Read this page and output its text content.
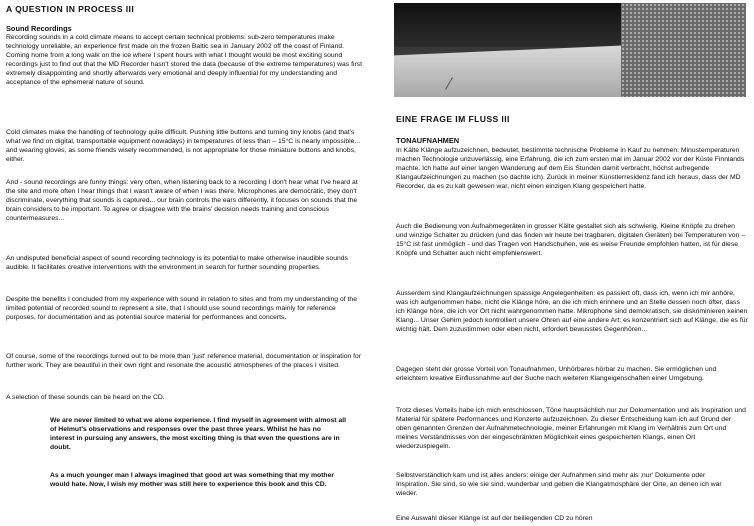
A QUESTION IN PROCESS III
Sound Recordings

Recording sounds in a cold climate means to accept certain technical problems: sub-zero temperatures make technology unreliable, an experience first made on the frozen Baltic sea in January 2002 off the coast of Finland. Coming home from a long walk on the ice where I spent hours with what I thought would be most exciting sound recordings just to find out that the MD Recorder hasn't stored the data (because of the extreme temperatures) was first extremely disappointing and shortly afterwards very emotional and deeply influential for my understanding and acceptance of the ephemeral nature of sound.

Cold climates make the handling of technology quite difficult. Pushing little buttons and turning tiny knobs (and that's what we find on digital, transportable equipment nowadays) in temperatures of less than – 15°C is nearly impossible... and wearing gloves, as some friends wisely recommended, is not appropriate for those miniature buttons and knobs, either.

And - sound recordings are funny things: very often, when listening back to a recording I don't hear what I've heard at the site and more often I hear things that I wasn't aware of when I was there. Microphones are democratic, they don't discriminate, everything that sounds is captured... our brain controls the ears differently, it focuses on sounds that the brain considers to be important. To agree or disagree with the brains' decision needs training and conscious countermeasures...

An undisputed beneficial aspect of sound recording technology is its potential to make otherwise inaudible sounds audible. It facilitates creative interventions with the environment in search for further sounding properties.

Despite the benefits I concluded from my experience with sound in relation to sites and from my understanding of the limited potential of recorded sound to represent a site, that I should use sound recordings mainly for reference purposes, for documentation and as potential source material for performances and concerts.

Of course, some of the recordings turned out to be more than 'just' reference material, documentation or inspiration for further work. They are beautiful in their own right and resonate the acoustic atmospheres of the places I visited.

A selection of these sounds can be heard on the CD.

We are never limited to what we alone experience. I find myself in agreement with almost all of Helmut's observations and responses over the past three years. Whilst he has no interest in pursuing any answers, the most exciting thing is that even the questions are in doubt.

As a much younger man I always imagined that good art was something that my mother would hate. Now, I wish my mother was still here to experience this book and this CD.

EINE FRAGE IM FLUSS III
TONAUFNAHMEN

In Kälte Klänge aufzuzeichnen, bedeutet, bestimmte technische Probleme in Kauf zu nehmen: Minustemperaturen machen Technologie unzuverlässig, eine Erfahrung, die ich zum ersten mal im Januar 2002 vor der Küste Finnlands machte. Ich hatte auf einer langen Wanderung auf dem Eis Stunden damit verbracht, höchst aufregende Klangaufzeichnungen zu machen (so dachte ich). Zurück in meiner Künstlerresidenz fand ich heraus, dass der MD Recorder, da es zu kalt gewesen war, nicht einen einzigen Klang gespeichert hatte.

Auch die Bedienung von Aufnahmegeräten in grosser Kälte gestaltet sich als schwierig. Kleine Knöpfe zu drehen und winzige Schalter zu drücken (und das finden wir heute bei tragbaren, digitalen Geräten) bei Temperaturen von – 15°C ist fast unmöglich - und das Tragen von Handschuhen, wie es weise Freunde empfohlen hatten, ist für diese Knöpfe und Schalter auch nicht empfehlenswert.

Ausserdem sind Klangaufzeichnungen spassige Angelegenheiten: es passiert oft, dass ich, wenn ich mir anhöre, was ich aufgenommen habe, nicht die Klänge höre, an die ich mich erinnere und an Stelle dessen noch öfter, dass ich Klänge höre, die ich vor Ort nicht wahrgenommen hatte. Mikrophone sind demokratisch, sie diskriminieren keinen Klang... Unser Gehirn jedoch kontrolliert unsere Ohren auf eine andere Art: es konzentriert sich auf Klänge, die es für wichtig hält. Dem zuzustimmen oder eben nicht, erfordert bewusstes Gegenhören...

Dagegen steht der grosse Vorteil von Tonaufnahmen, Unhörbares hörbar zu machen. Sie ermöglichen und erleichtern kreative Einflussnahme auf der Suche nach weiteren Klangeigenschaften einer Umgebung.

Trotz dieses Vorteils habe ich mich entschlossen, Töne hauptsächlich nur zur Dokumentation und als Inspiration und Material für spätere Performances und Konzerte aufzuzeichnen. Zu dieser Entscheidung kam ich auf Grund der oben genannten Grenzen der Aufnahmetechnologie, meiner Erfahrungen mit Klang im Verhältnis zum Ort und meines Verständnisses von der eingeschränkten Möglichkeit eines gespeicherten Klangs, einen Ort wiederzuspiegeln.

Selbstverständlich kam und ist alles anders: einige der Aufnahmen sind mehr als ‚nur' Dokumente oder Inspiration. Sie sind, so wie sie sind, wunderbar und geben die Klangatmosphäre der Orte, an denen ich war wieder.

Eine Auswahl dieser Klänge ist auf der beiliegenden CD zu hören
